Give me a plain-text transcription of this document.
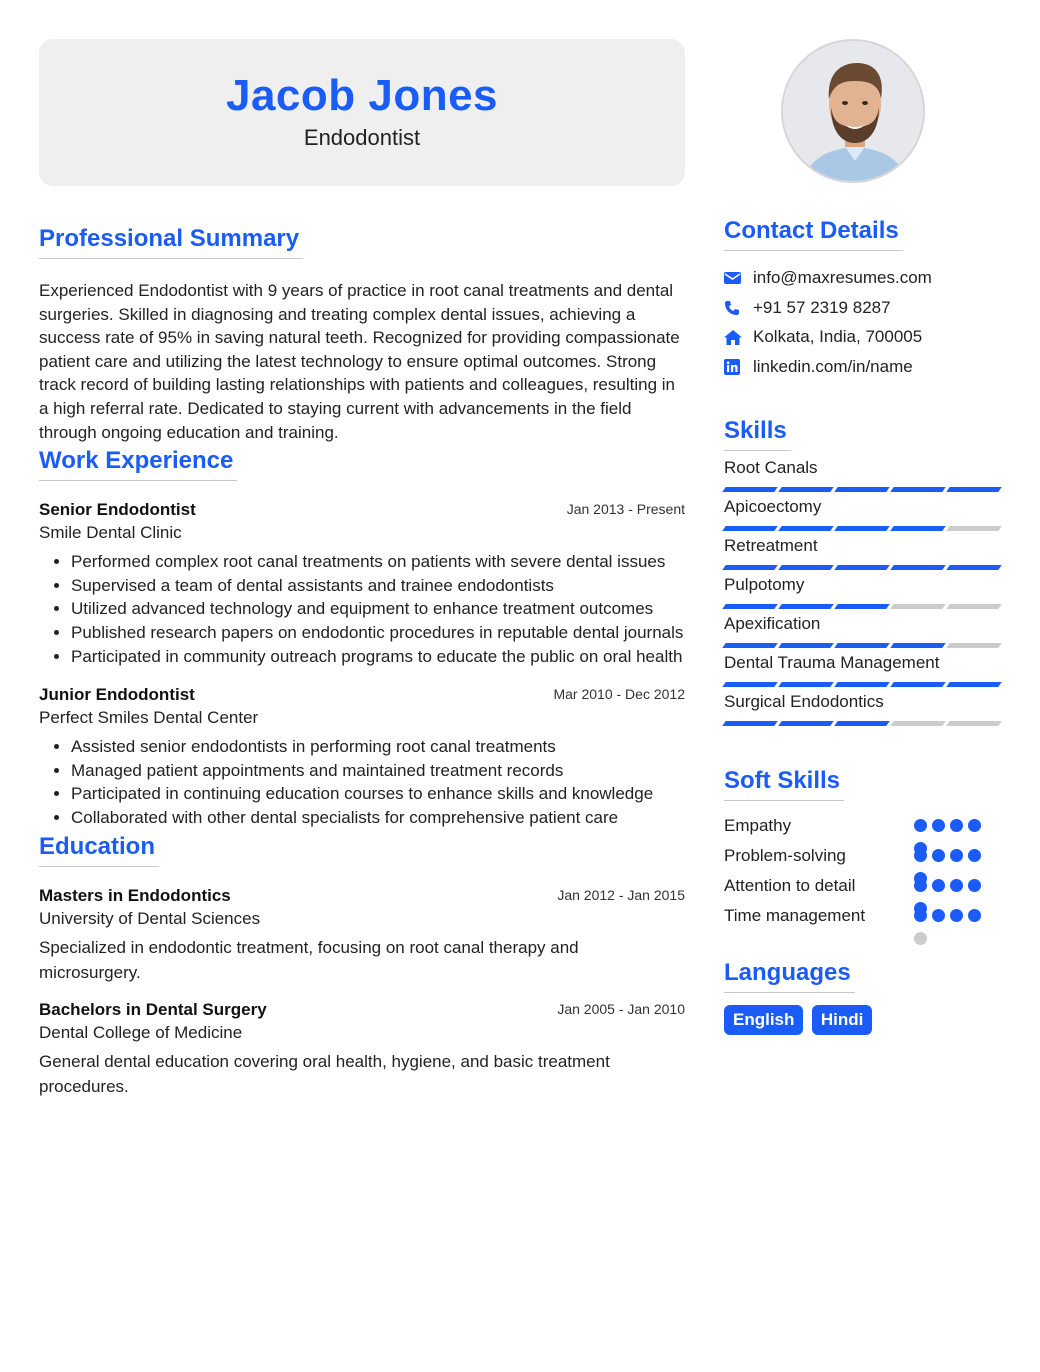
Jacob Jones
Endodontist
Professional Summary
Experienced Endodontist with 9 years of practice in root canal treatments and dental surgeries. Skilled in diagnosing and treating complex dental issues, achieving a success rate of 95% in saving natural teeth. Recognized for providing compassionate patient care and utilizing the latest technology to ensure optimal outcomes. Strong track record of building lasting relationships with patients and colleagues, resulting in a high referral rate. Dedicated to staying current with advancements in the field through ongoing education and training.
Work Experience
Senior Endodontist	Jan 2013 - Present
Smile Dental Clinic
• Performed complex root canal treatments on patients with severe dental issues
• Supervised a team of dental assistants and trainee endodontists
• Utilized advanced technology and equipment to enhance treatment outcomes
• Published research papers on endodontic procedures in reputable dental journals
• Participated in community outreach programs to educate the public on oral health
Junior Endodontist	Mar 2010 - Dec 2012
Perfect Smiles Dental Center
• Assisted senior endodontists in performing root canal treatments
• Managed patient appointments and maintained treatment records
• Participated in continuing education courses to enhance skills and knowledge
• Collaborated with other dental specialists for comprehensive patient care
Education
Masters in Endodontics	Jan 2012 - Jan 2015
University of Dental Sciences
Specialized in endodontic treatment, focusing on root canal therapy and microsurgery.
Bachelors in Dental Surgery	Jan 2005 - Jan 2010
Dental College of Medicine
General dental education covering oral health, hygiene, and basic treatment procedures.
Contact Details
info@maxresumes.com
+91 57 2319 8287
Kolkata, India, 700005
linkedin.com/in/name
Skills
Root Canals
Apicoectomy
Retreatment
Pulpotomy
Apexification
Dental Trauma Management
Surgical Endodontics
Soft Skills
Empathy
Problem-solving
Attention to detail
Time management
Languages
English Hindi
